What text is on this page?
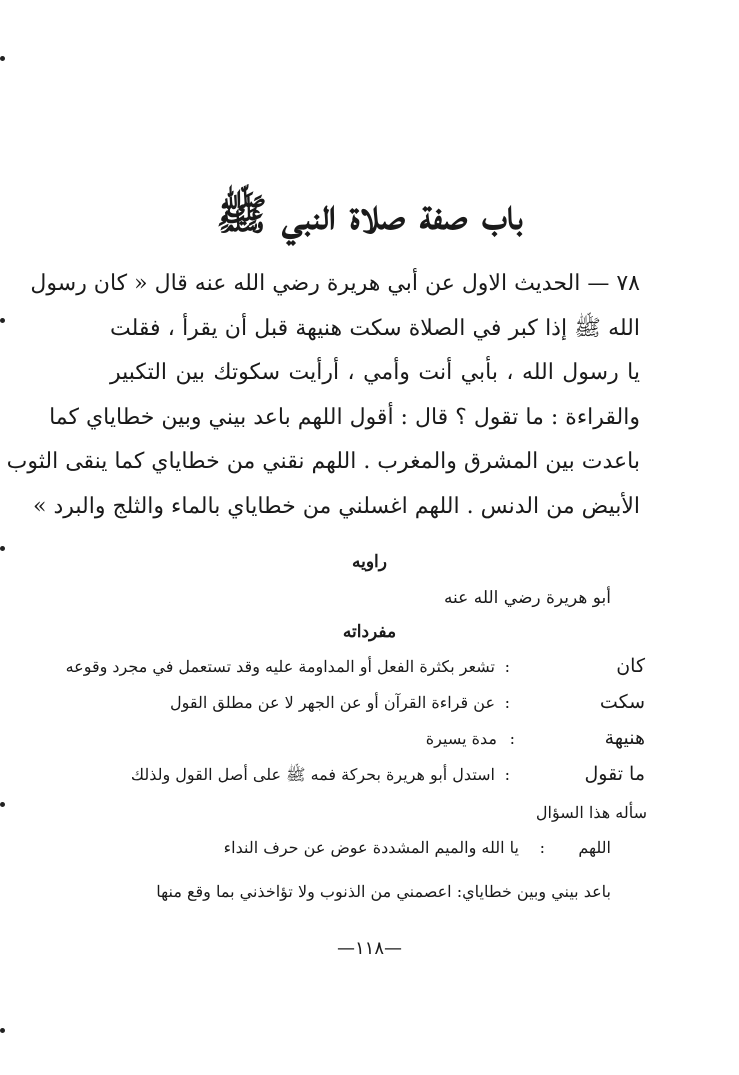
باب صفة صلاة النبي ﷺ
٧٨ — الحديث الاول عن أبي هريرة رضي الله عنه قال « كان رسول
الله ﷺ إذا كبر في الصلاة سكت هنيهة قبل أن يقرأ ، فقلت
يا رسول الله ، بأبي أنت وأمي ، أرأيت سكوتك بين التكبير
والقراءة : ما تقول ؟ قال : أقول اللهم باعد بيني وبين خطاياي كما
باعدت بين المشرق والمغرب . اللهم نقني من خطاياي كما ينقى الثوب
الأبيض من الدنس . اللهم اغسلني من خطاياي بالماء والثلج والبرد »
راويه
أبو هريرة رضي الله عنه
مفرداته
كان
:
تشعر بكثرة الفعل أو المداومة عليه وقد تستعمل في مجرد وقوعه
سكت
:
عن قراءة القرآن أو عن الجهر لا عن مطلق القول
هنيهة
:
مدة يسيرة
ما تقول
:
استدل أبو هريرة بحركة فمه ﷺ على أصل القول ولذلك
سأله هذا السؤال
اللهم
:
يا الله والميم المشددة عوض عن حرف النداء
باعد بيني وبين خطاياي: اعصمني من الذنوب ولا تؤاخذني بما وقع منها
—١١٨—
